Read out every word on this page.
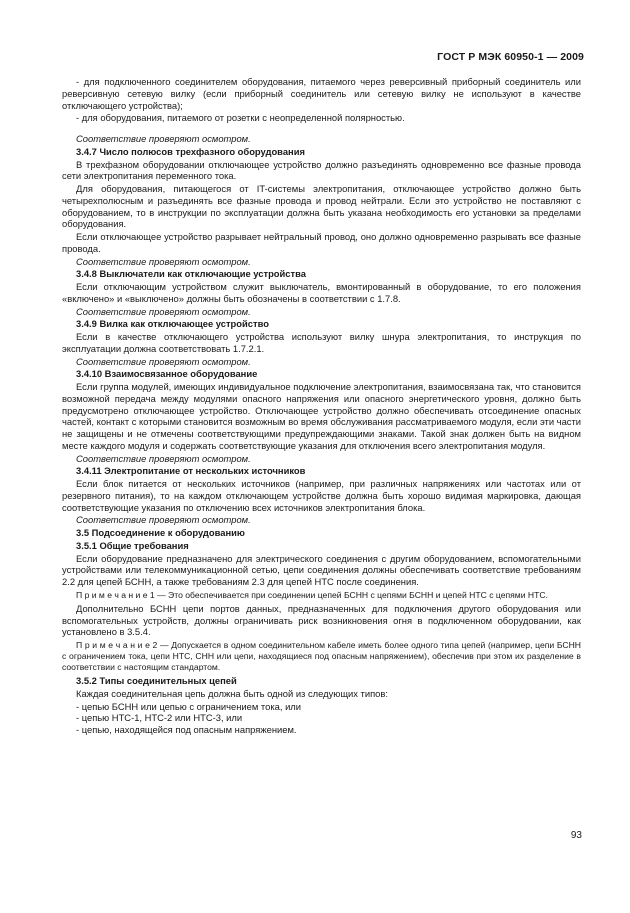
ГОСТ Р МЭК 60950-1 — 2009

- для подключенного соединителем оборудования, питаемого через реверсивный приборный соединитель или реверсивную сетевую вилку (если приборный соединитель или сетевую вилку не используют в качестве отключающего устройства);

- для оборудования, питаемого от розетки с неопределенной полярностью.

Соответствие проверяют осмотром.

3.4.7 Число полюсов трехфазного оборудования

В трехфазном оборудовании отключающее устройство должно разъединять одновременно все фазные провода сети электропитания переменного тока.

Для оборудования, питающегося от IT-системы электропитания, отключающее устройство должно быть четырехполюсным и разъединять все фазные провода и провод нейтрали. Если это устройство не поставляют с оборудованием, то в инструкции по эксплуатации должна быть указана необходимость его установки за пределами оборудования.

Если отключающее устройство разрывает нейтральный провод, оно должно одновременно разрывать все фазные провода.

Соответствие проверяют осмотром.

3.4.8 Выключатели как отключающие устройства

Если отключающим устройством служит выключатель, вмонтированный в оборудование, то его положения «включено» и «выключено» должны быть обозначены в соответствии с 1.7.8.

Соответствие проверяют осмотром.

3.4.9 Вилка как отключающее устройство

Если в качестве отключающего устройства используют вилку шнура электропитания, то инструкция по эксплуатации должна соответствовать 1.7.2.1.

Соответствие проверяют осмотром.

3.4.10 Взаимосвязанное оборудование

Если группа модулей, имеющих индивидуальное подключение электропитания, взаимосвязана так, что становится возможной передача между модулями опасного напряжения или опасного энергетического уровня, должно быть предусмотрено отключающее устройство. Отключающее устройство должно обеспечивать отсоединение опасных частей, контакт с которыми становится возможным во время обслуживания рассматриваемого модуля, если эти части не защищены и не отмечены соответствующими предупреждающими знаками. Такой знак должен быть на видном месте каждого модуля и содержать соответствующие указания для отключения всего электропитания модуля.

Соответствие проверяют осмотром.

3.4.11 Электропитание от нескольких источников

Если блок питается от нескольких источников (например, при различных напряжениях или частотах или от резервного питания), то на каждом отключающем устройстве должна быть хорошо видимая маркировка, дающая соответствующие указания по отключению всех источников электропитания блока.

Соответствие проверяют осмотром.

3.5 Подсоединение к оборудованию

3.5.1 Общие требования

Если оборудование предназначено для электрического соединения с другим оборудованием, вспомогательными устройствами или телекоммуникационной сетью, цепи соединения должны обеспечивать соответствие требованиям 2.2 для цепей БСНН, а также требованиям 2.3 для цепей НТС после соединения.

П р и м е ч а н и е 1 — Это обеспечивается при соединении цепей БСНН с цепями БСНН и цепей НТС с цепями НТС.

Дополнительно БСНН цепи портов данных, предназначенных для подключения другого оборудования или вспомогательных устройств, должны ограничивать риск возникновения огня в подключенном оборудовании, как установлено в 3.5.4.

П р и м е ч а н и е 2 — Допускается в одном соединительном кабеле иметь более одного типа цепей (например, цепи БСНН с ограничением тока, цепи НТС, СНН или цепи, находящиеся под опасным напряжением), обеспечив при этом их разделение в соответствии с настоящим стандартом.

3.5.2 Типы соединительных цепей

Каждая соединительная цепь должна быть одной из следующих типов:

- цепью БСНН или цепью с ограничением тока, или

- цепью НТС-1, НТС-2 или НТС-3, или

- цепью, находящейся под опасным напряжением.

93
